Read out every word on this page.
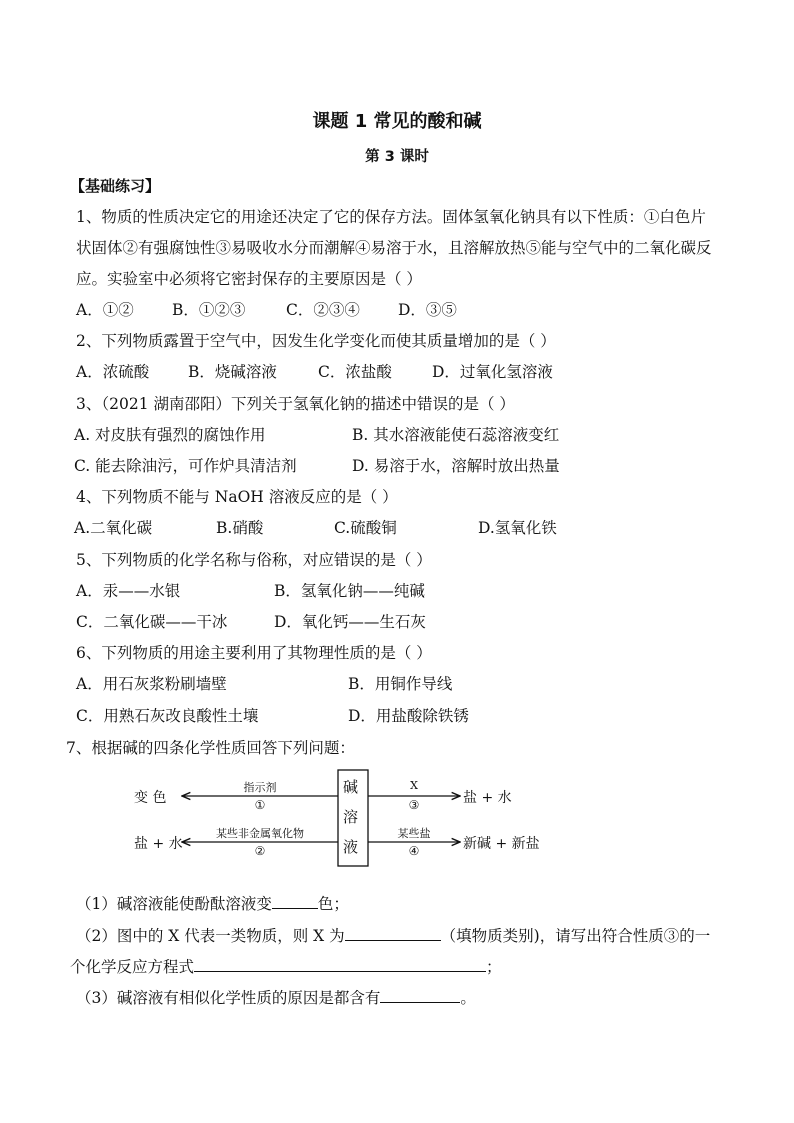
课题 1 常见的酸和碱
第 3 课时
【基础练习】
1、物质的性质决定它的用途还决定了它的保存方法。固体氢氧化钠具有以下性质：①白色片
状固体②有强腐蚀性③易吸收水分而潮解④易溶于水，且溶解放热⑤能与空气中的二氧化碳反
应。实验室中必须将它密封保存的主要原因是（ ）
A．①② B．①②③	C．②③④ D．③⑤
2、下列物质露置于空气中，因发生化学变化而使其质量增加的是（ ）
A．浓硫酸	B．烧碱溶液	C．浓盐酸	D．过氧化氢溶液
3、（2021 湖南邵阳）下列关于氢氧化钠的描述中错误的是（ ）
A. 对皮肤有强烈的腐蚀作用	B. 其水溶液能使石蕊溶液变红
C. 能去除油污，可作炉具清洁剂	D. 易溶于水，溶解时放出热量
4、下列物质不能与 NaOH 溶液反应的是（ ）
A.二氧化碳	B.硝酸	C.硫酸铜	D.氢氧化铁
5、下列物质的化学名称与俗称，对应错误的是（ ）
A．汞——水银	B．氢氧化钠——纯碱
C．二氧化碳——干冰	D．氧化钙——生石灰
6、下列物质的用途主要利用了其物理性质的是（ ）
A．用石灰浆粉刷墙壁	B．用铜作导线
C．用熟石灰改良酸性土壤	D．用盐酸除铁锈
7、根据碱的四条化学性质回答下列问题：
碱
溶
液
变 色
盐 + 水
盐 + 水
新碱 + 新盐
指示剂
①
某些非金属氧化物
②
X
③
某些盐
④
（1）碱溶液能使酚酞溶液变	色；
（2）图中的 X 代表一类物质，则 X 为	（填物质类别)，请写出符合性质③的一
个化学反应方程式	；
（3）碱溶液有相似化学性质的原因是都含有	。
